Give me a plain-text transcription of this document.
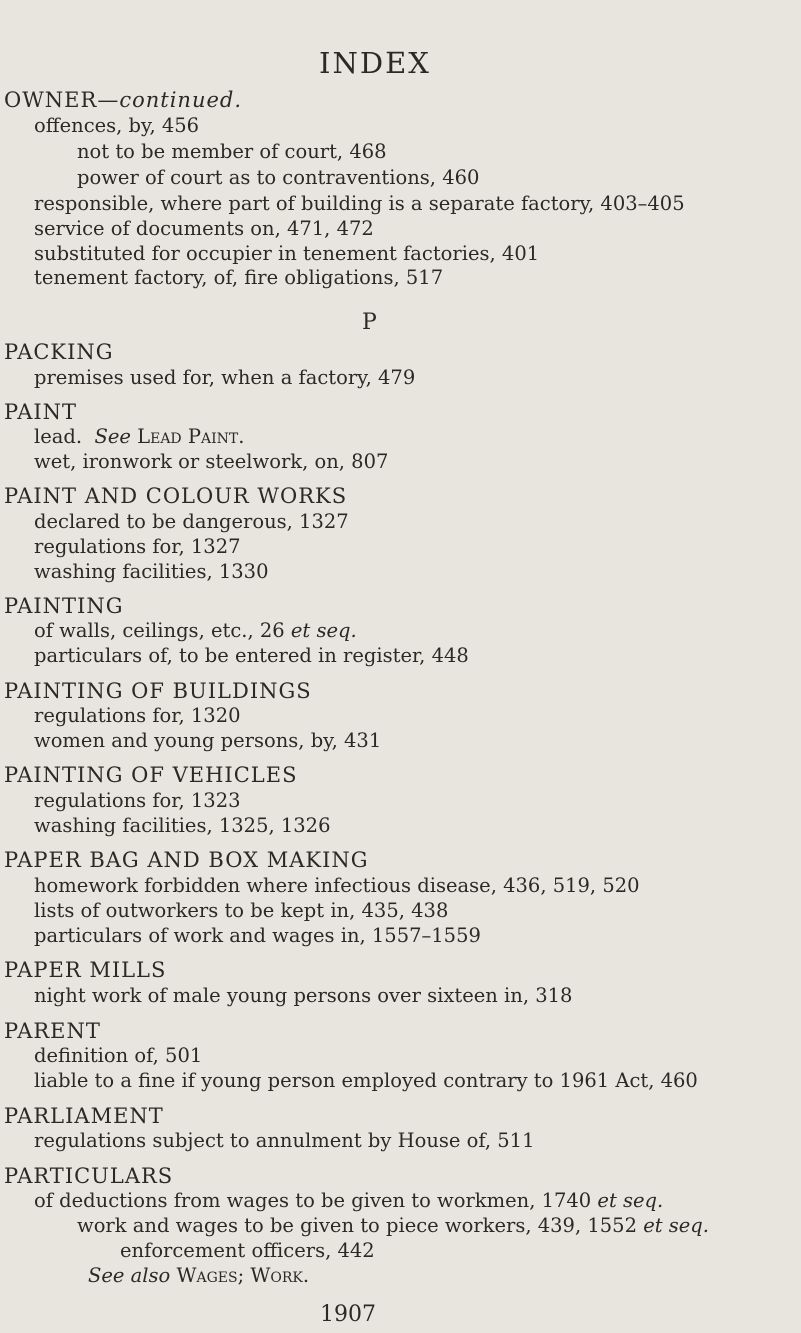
INDEX
OWNER—continued.
offences, by, 456
not to be member of court, 468
power of court as to contraventions, 460
responsible, where part of building is a separate factory, 403–405
service of documents on, 471, 472
substituted for occupier in tenement factories, 401
tenement factory, of, fire obligations, 517
P
PACKING
premises used for, when a factory, 479
PAINT
lead. See Lead Paint.
wet, ironwork or steelwork, on, 807
PAINT AND COLOUR WORKS
declared to be dangerous, 1327
regulations for, 1327
washing facilities, 1330
PAINTING
of walls, ceilings, etc., 26 et seq.
particulars of, to be entered in register, 448
PAINTING OF BUILDINGS
regulations for, 1320
women and young persons, by, 431
PAINTING OF VEHICLES
regulations for, 1323
washing facilities, 1325, 1326
PAPER BAG AND BOX MAKING
homework forbidden where infectious disease, 436, 519, 520
lists of outworkers to be kept in, 435, 438
particulars of work and wages in, 1557–1559
PAPER MILLS
night work of male young persons over sixteen in, 318
PARENT
definition of, 501
liable to a fine if young person employed contrary to 1961 Act, 460
PARLIAMENT
regulations subject to annulment by House of, 511
PARTICULARS
of deductions from wages to be given to workmen, 1740 et seq.
work and wages to be given to piece workers, 439, 1552 et seq.
enforcement officers, 442
See also Wages; Work.
1907
